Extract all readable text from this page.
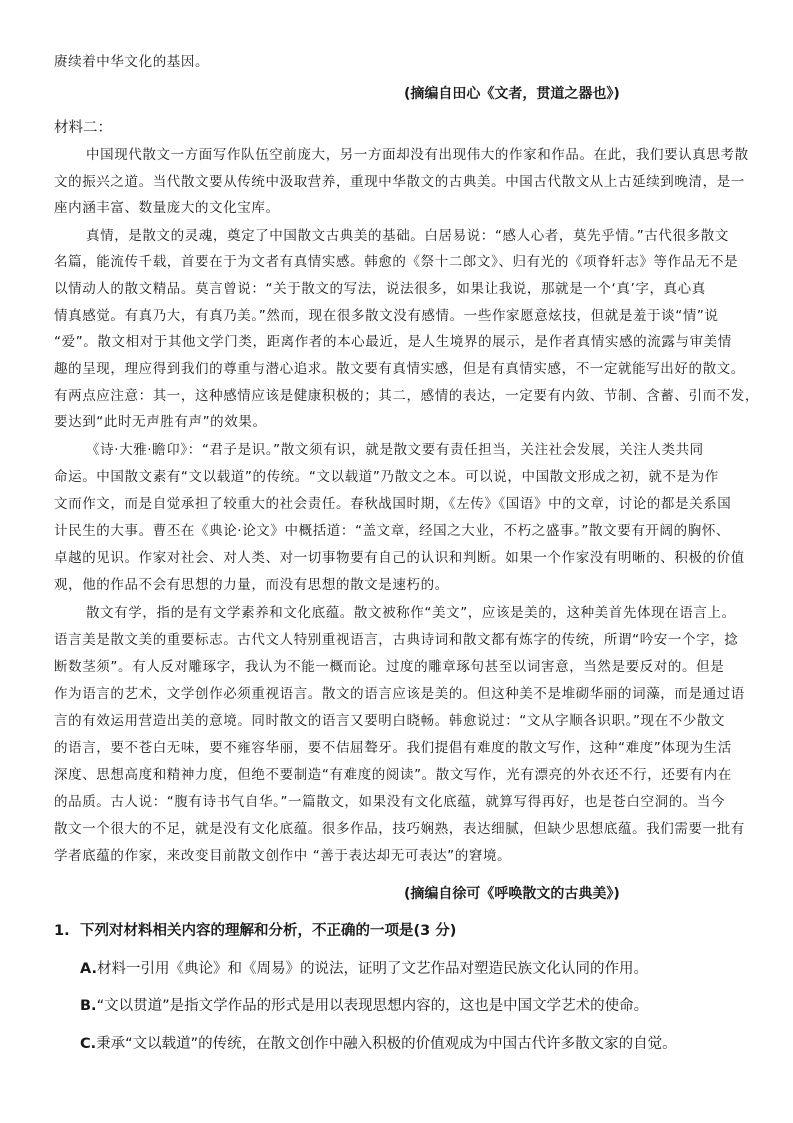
赓续着中华文化的基因。
(摘编自田心《文者，贯道之器也》)
材料二：
中国现代散文一方面写作队伍空前庞大，另一方面却没有出现伟大的作家和作品。在此，我们要认真思考散
文的振兴之道。当代散文要从传统中汲取营养，重现中华散文的古典美。中国古代散文从上古延续到晚清，是一
座内涵丰富、数量庞大的文化宝库。
真情，是散文的灵魂，奠定了中国散文古典美的基础。白居易说：“感人心者，莫先乎情。”古代很多散文
名篇，能流传千载，首要在于为文者有真情实感。韩愈的《祭十二郎文》、归有光的《项脊轩志》等作品无不是
以情动人的散文精品。莫言曾说：“关于散文的写法，说法很多，如果让我说，那就是一个‘真’字，真心真
情真感觉。有真乃大，有真乃美。”然而，现在很多散文没有感情。一些作家愿意炫技，但就是羞于谈“情”说
“爱”。散文相对于其他文学门类，距离作者的本心最近，是人生境界的展示，是作者真情实感的流露与审美情
趣的呈现，理应得到我们的尊重与潜心追求。散文要有真情实感，但是有真情实感，不一定就能写出好的散文。
有两点应注意：其一，这种感情应该是健康积极的；其二，感情的表达，一定要有内敛、节制、含蓄、引而不发，
要达到“此时无声胜有声”的效果。
《诗·大雅·瞻卬》：“君子是识。”散文须有识，就是散文要有责任担当，关注社会发展，关注人类共同
命运。中国散文素有“文以载道”的传统。“文以载道”乃散文之本。可以说，中国散文形成之初，就不是为作
文而作文，而是自觉承担了较重大的社会责任。春秋战国时期，《左传》《国语》中的文章，讨论的都是关系国
计民生的大事。曹丕在《典论·论文》中概括道：“盖文章，经国之大业，不朽之盛事。”散文要有开阔的胸怀、
卓越的见识。作家对社会、对人类、对一切事物要有自己的认识和判断。如果一个作家没有明晰的、积极的价值
观，他的作品不会有思想的力量，而没有思想的散文是速朽的。
散文有学，指的是有文学素养和文化底蕴。散文被称作“美文”，应该是美的，这种美首先体现在语言上。
语言美是散文美的重要标志。古代文人特别重视语言，古典诗词和散文都有炼字的传统，所谓“吟安一个字，捻
断数茎须”。有人反对雕琢字，我认为不能一概而论。过度的雕章琢句甚至以词害意，当然是要反对的。但是
作为语言的艺术，文学创作必须重视语言。散文的语言应该是美的。但这种美不是堆砌华丽的词藻，而是通过语
言的有效运用营造出美的意境。同时散文的语言又要明白晓畅。韩愈说过：“文从字顺各识职。”现在不少散文
的语言，要不苍白无味，要不雍容华丽，要不佶屈聱牙。我们提倡有难度的散文写作，这种“难度”体现为生活
深度、思想高度和精神力度，但绝不要制造“有难度的阅读”。散文写作，光有漂亮的外衣还不行，还要有内在
的品质。古人说：“腹有诗书气自华。”一篇散文，如果没有文化底蕴，就算写得再好，也是苍白空洞的。当今
散文一个很大的不足，就是没有文化底蕴。很多作品，技巧娴熟，表达细腻，但缺少思想底蕴。我们需要一批有
学者底蕴的作家，来改变目前散文创作中 “善于表达却无可表达”的窘境。
(摘编自徐可《呼唤散文的古典美》)
1. 下列对材料相关内容的理解和分析，不正确的一项是(3 分)
A.材料一引用《典论》和《周易》的说法，证明了文艺作品对塑造民族文化认同的作用。
B.“文以贯道”是指文学作品的形式是用以表现思想内容的，这也是中国文学艺术的使命。
C.秉承“文以载道”的传统，在散文创作中融入积极的价值观成为中国古代许多散文家的自觉。
